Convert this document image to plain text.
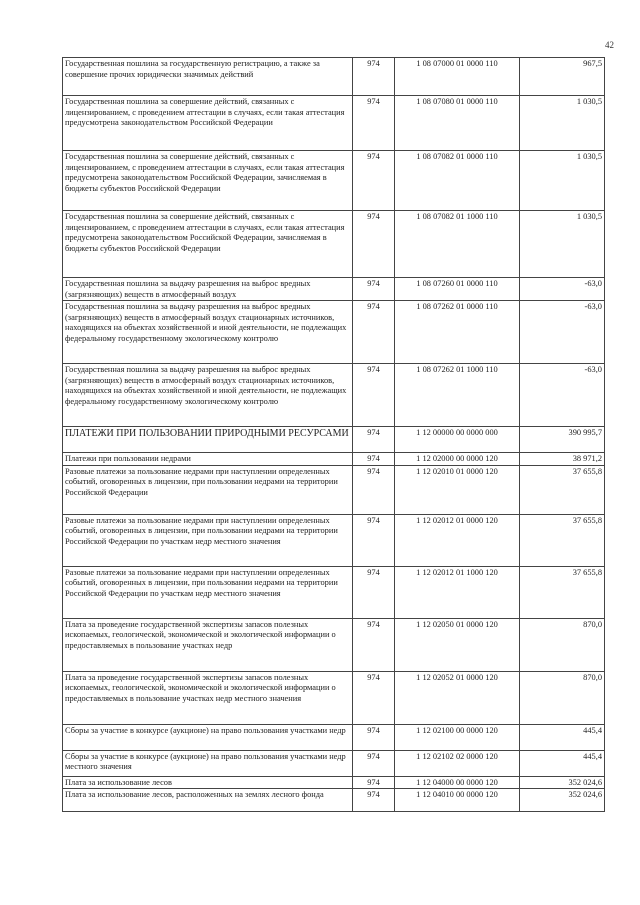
42
Государственная пошлина за государственную регистрацию, а также за совершение прочих юридически значимых действий	974	1 08 07000 01 0000 110	967,5
Государственная пошлина за совершение действий, связанных с лицензированием, с проведением аттестации в случаях, если такая аттестация предусмотрена законодательством Российской Федерации	974	1 08 07080 01 0000 110	1 030,5
Государственная пошлина за совершение действий, связанных с лицензированием, с проведением аттестации в случаях, если такая аттестация предусмотрена законодательством Российской Федерации, зачисляемая в бюджеты субъектов Российской Федерации	974	1 08 07082 01 0000 110	1 030,5
Государственная пошлина за совершение действий, связанных с лицензированием, с проведением аттестации в случаях, если такая аттестация предусмотрена законодательством Российской Федерации, зачисляемая в бюджеты субъектов Российской Федерации	974	1 08 07082 01 1000 110	1 030,5
Государственная пошлина за выдачу разрешения на выброс вредных (загрязняющих) веществ в атмосферный воздух	974	1 08 07260 01 0000 110	-63,0
Государственная пошлина за выдачу разрешения на выброс вредных (загрязняющих) веществ в атмосферный воздух стационарных источников, находящихся на объектах хозяйственной и иной деятельности, не подлежащих федеральному государственному экологическому контролю	974	1 08 07262 01 0000 110	-63,0
Государственная пошлина за выдачу разрешения на выброс вредных (загрязняющих) веществ в атмосферный воздух стационарных источников, находящихся на объектах хозяйственной и иной деятельности, не подлежащих федеральному государственному экологическому контролю	974	1 08 07262 01 1000 110	-63,0
ПЛАТЕЖИ ПРИ ПОЛЬЗОВАНИИ ПРИРОДНЫМИ РЕСУРСАМИ	974	1 12 00000 00 0000 000	390 995,7
Платежи при пользовании недрами	974	1 12 02000 00 0000 120	38 971,2
Разовые платежи за пользование недрами при наступлении определенных событий, оговоренных в лицензии, при пользовании недрами на территории Российской Федерации	974	1 12 02010 01 0000 120	37 655,8
Разовые платежи за пользование недрами при наступлении определенных событий, оговоренных в лицензии, при пользовании недрами на территории Российской Федерации по участкам недр местного значения	974	1 12 02012 01 0000 120	37 655,8
Разовые платежи за пользование недрами при наступлении определенных событий, оговоренных в лицензии, при пользовании недрами на территории Российской Федерации по участкам недр местного значения	974	1 12 02012 01 1000 120	37 655,8
Плата за проведение государственной экспертизы запасов полезных ископаемых, геологической, экономической и экологической информации о предоставляемых в пользование участках недр	974	1 12 02050 01 0000 120	870,0
Плата за проведение государственной экспертизы запасов полезных ископаемых, геологической, экономической и экологической информации о предоставляемых в пользование участках недр местного значения	974	1 12 02052 01 0000 120	870,0
Сборы за участие в конкурсе (аукционе) на право пользования участками недр	974	1 12 02100 00 0000 120	445,4
Сборы за участие в конкурсе (аукционе) на право пользования участками недр местного значения	974	1 12 02102 02 0000 120	445,4
Плата за использование лесов	974	1 12 04000 00 0000 120	352 024,6
Плата за использование лесов, расположенных на землях лесного фонда	974	1 12 04010 00 0000 120	352 024,6
